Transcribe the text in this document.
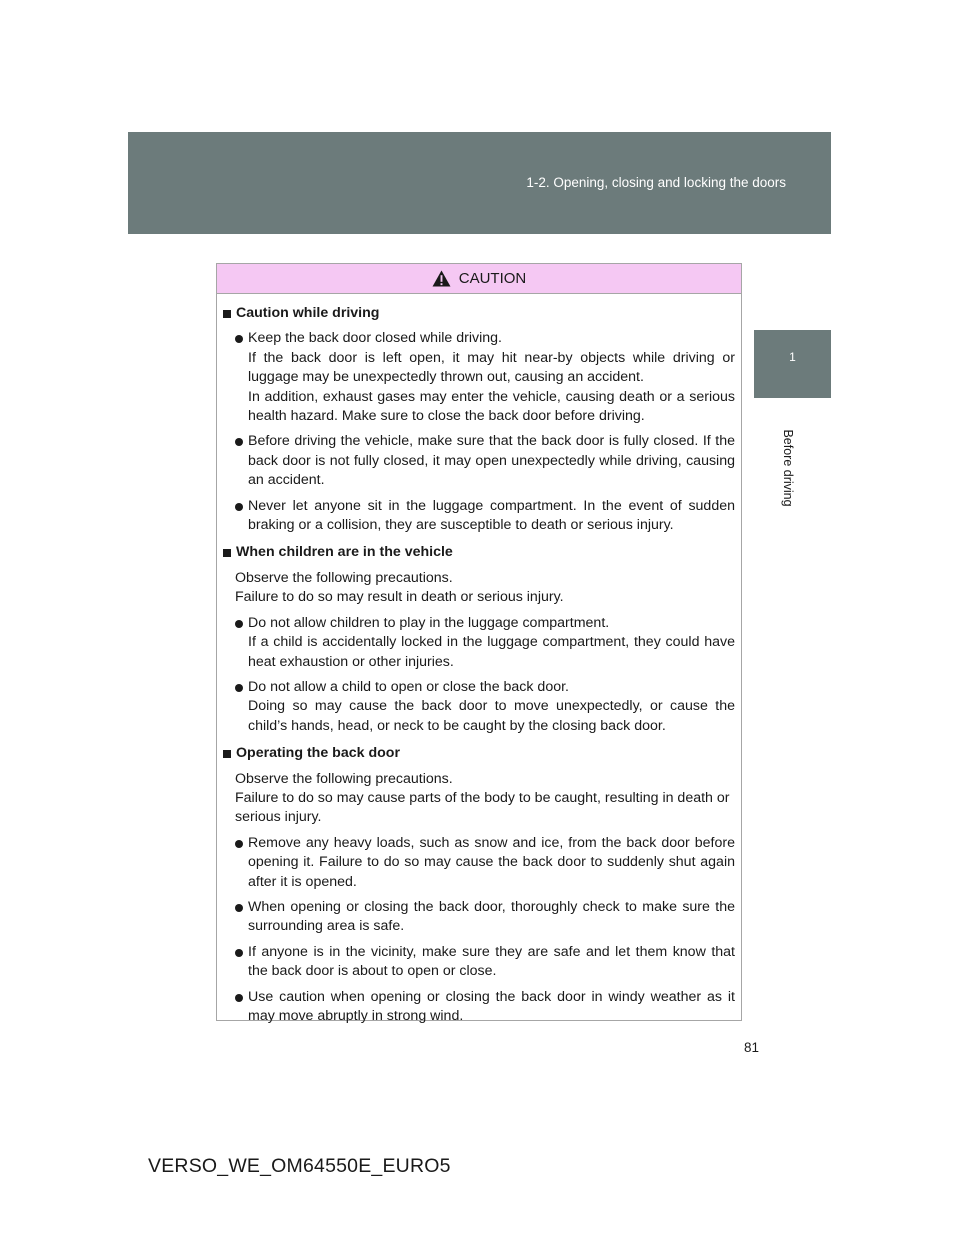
1-2. Opening, closing and locking the doors
1
Before driving
CAUTION
Caution while driving
Keep the back door closed while driving.
If the back door is left open, it may hit near-by objects while driving or luggage may be unexpectedly thrown out, causing an accident.
In addition, exhaust gases may enter the vehicle, causing death or a serious health hazard. Make sure to close the back door before driving.
Before driving the vehicle, make sure that the back door is fully closed. If the back door is not fully closed, it may open unexpectedly while driving, causing an accident.
Never let anyone sit in the luggage compartment. In the event of sudden braking or a collision, they are susceptible to death or serious injury.
When children are in the vehicle
Observe the following precautions.
Failure to do so may result in death or serious injury.
Do not allow children to play in the luggage compartment.
If a child is accidentally locked in the luggage compartment, they could have heat exhaustion or other injuries.
Do not allow a child to open or close the back door.
Doing so may cause the back door to move unexpectedly, or cause the child’s hands, head, or neck to be caught by the closing back door.
Operating the back door
Observe the following precautions.
Failure to do so may cause parts of the body to be caught, resulting in death or serious injury.
Remove any heavy loads, such as snow and ice, from the back door before opening it. Failure to do so may cause the back door to suddenly shut again after it is opened.
When opening or closing the back door, thoroughly check to make sure the surrounding area is safe.
If anyone is in the vicinity, make sure they are safe and let them know that the back door is about to open or close.
Use caution when opening or closing the back door in windy weather as it may move abruptly in strong wind.
81
VERSO_WE_OM64550E_EURO5
